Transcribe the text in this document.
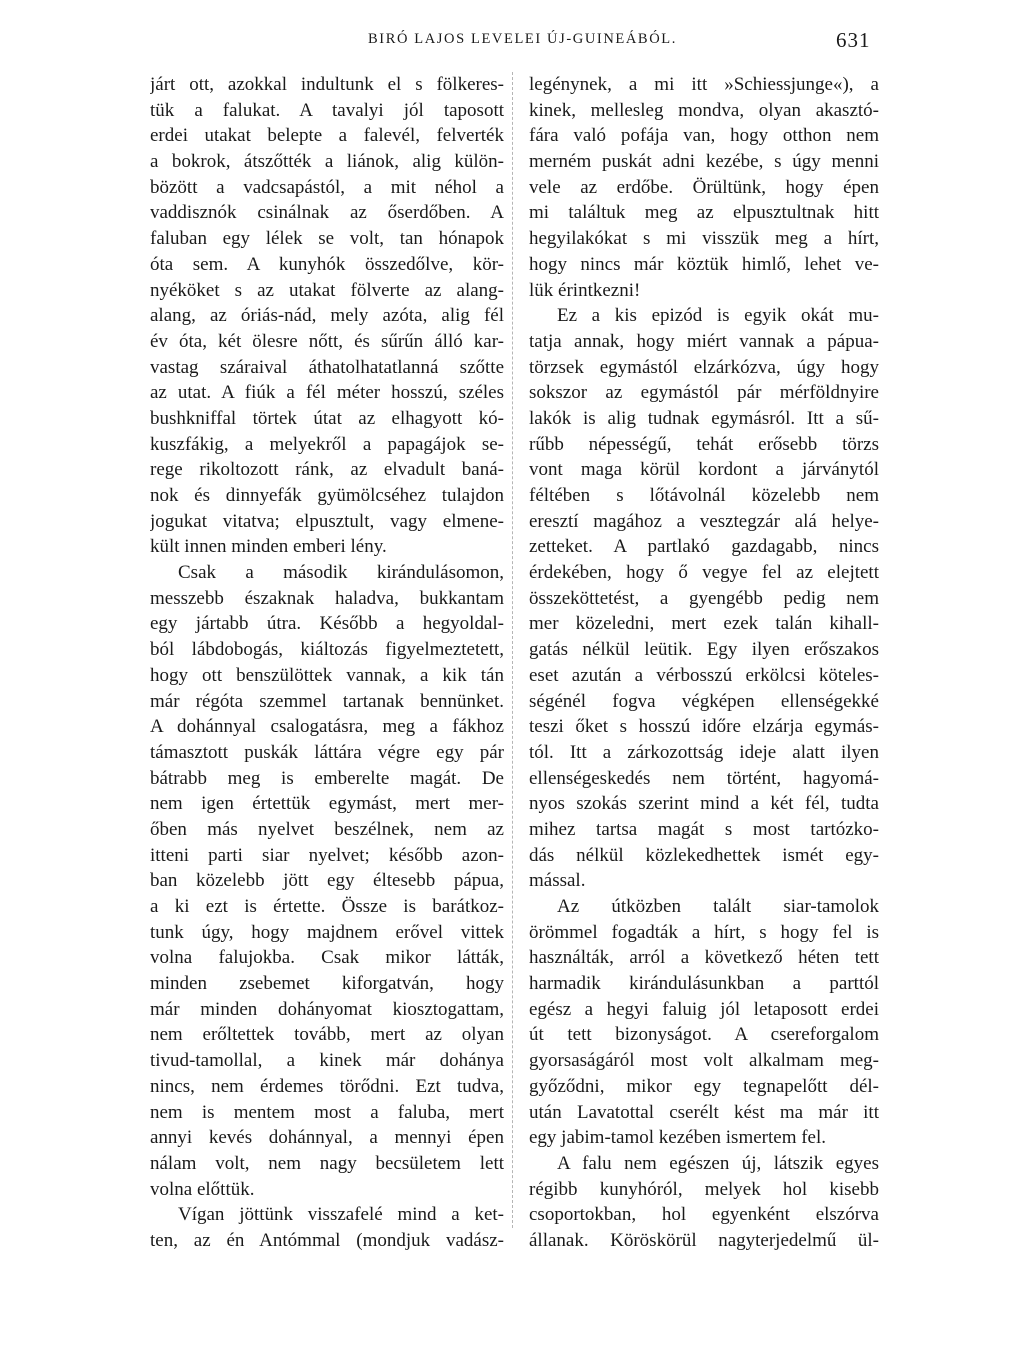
BIRÓ LAJOS LEVELEI ÚJ-GUINEÁBÓL.	631

járt ott, azokkal indultunk el s fölkeres-

tük a falukat. A tavalyi jól taposott

erdei utakat belepte a falevél, felverték

a bokrok, átszőtték a liánok, alig külön-

bözött a vadcsapástól, a mit néhol a

vaddisznók csinálnak az őserdőben. A

faluban egy lélek se volt, tan hónapok

óta sem. A kunyhók összedőlve, kör-

nyéköket s az utakat fölverte az alang-

alang, az óriás-nád, mely azóta, alig fél

év óta, két ölesre nőtt, és sűrűn álló kar-

vastag száraival áthatolhatatlanná szőtte

az utat. A fiúk a fél méter hosszú, széles

bushkniffal törtek útat az elhagyott kó-

kuszfákig, a melyekről a papagájok se-

rege rikoltozott ránk, az elvadult baná-

nok és dinnyefák gyümölcséhez tulajdon

jogukat vitatva; elpusztult, vagy elmene-

kült innen minden emberi lény.

Csak a második kirándulásomon,

messzebb északnak haladva, bukkantam

egy jártabb útra. Később a hegyoldal-

ból lábdobogás, kiáltozás figyelmeztetett,

hogy ott benszülöttek vannak, a kik tán

már régóta szemmel tartanak bennünket.

A dohánnyal csalogatásra, meg a fákhoz

támasztott puskák láttára végre egy pár

bátrabb meg is emberelte magát. De

nem igen értettük egymást, mert mer-

őben más nyelvet beszélnek, nem az

itteni parti siar nyelvet; később azon-

ban közelebb jött egy éltesebb pápua,

a ki ezt is értette. Össze is barátkoz-

tunk úgy, hogy majdnem erővel vittek

volna falujokba. Csak mikor látták,

minden zsebemet kiforgatván, hogy

már minden dohányomat kiosztogattam,

nem erőltettek tovább, mert az olyan

tivud-tamollal, a kinek már dohánya

nincs, nem érdemes törődni. Ezt tudva,

nem is mentem most a faluba, mert

annyi kevés dohánnyal, a mennyi épen

nálam volt, nem nagy becsületem lett

volna előttük.

Vígan jöttünk visszafelé mind a ket-

ten, az én Antómmal (mondjuk vadász-

legénynek, a mi itt »Schiessjunge«), a

kinek, mellesleg mondva, olyan akasztó-

fára való pofája van, hogy otthon nem

merném puskát adni kezébe, s úgy menni

vele az erdőbe. Örültünk, hogy épen

mi találtuk meg az elpusztultnak hitt

hegyilakókat s mi visszük meg a hírt,

hogy nincs már köztük himlő, lehet ve-

lük érintkezni!

Ez a kis epizód is egyik okát mu-

tatja annak, hogy miért vannak a pápua-

törzsek egymástól elzárkózva, úgy hogy

sokszor az egymástól pár mérföldnyire

lakók is alig tudnak egymásról. Itt a sű-

rűbb népességű, tehát erősebb törzs

vont maga körül kordont a járványtól

féltében s lőtávolnál közelebb nem

eresztí magához a vesztegzár alá helye-

zetteket. A partlakó gazdagabb, nincs

érdekében, hogy ő vegye fel az elejtett

összeköttetést, a gyengébb pedig nem

mer közeledni, mert ezek talán kihall-

gatás nélkül leütik. Egy ilyen erőszakos

eset azután a vérbosszú erkölcsi köteles-

ségénél fogva végképen ellenségekké

teszi őket s hosszú időre elzárja egymás-

tól. Itt a zárkozottság ideje alatt ilyen

ellenségeskedés nem történt, hagyomá-

nyos szokás szerint mind a két fél, tudta

mihez tartsa magát s most tartózko-

dás nélkül közlekedhettek ismét egy-

mással.

Az útközben talált siar-tamolok

örömmel fogadták a hírt, s hogy fel is

használták, arról a következő héten tett

harmadik kirándulásunkban a parttól

egész a hegyi faluig jól letaposott erdei

út tett bizonyságot. A csereforgalom

gyorsaságáról most volt alkalmam meg-

győződni, mikor egy tegnapelőtt dél-

után Lavatottal cserélt kést ma már itt

egy jabim-tamol kezében ismertem fel.

A falu nem egészen új, látszik egyes

régibb kunyhóról, melyek hol kisebb

csoportokban, hol egyenként elszórva

állanak. Köröskörül nagyterjedelmű ül-
